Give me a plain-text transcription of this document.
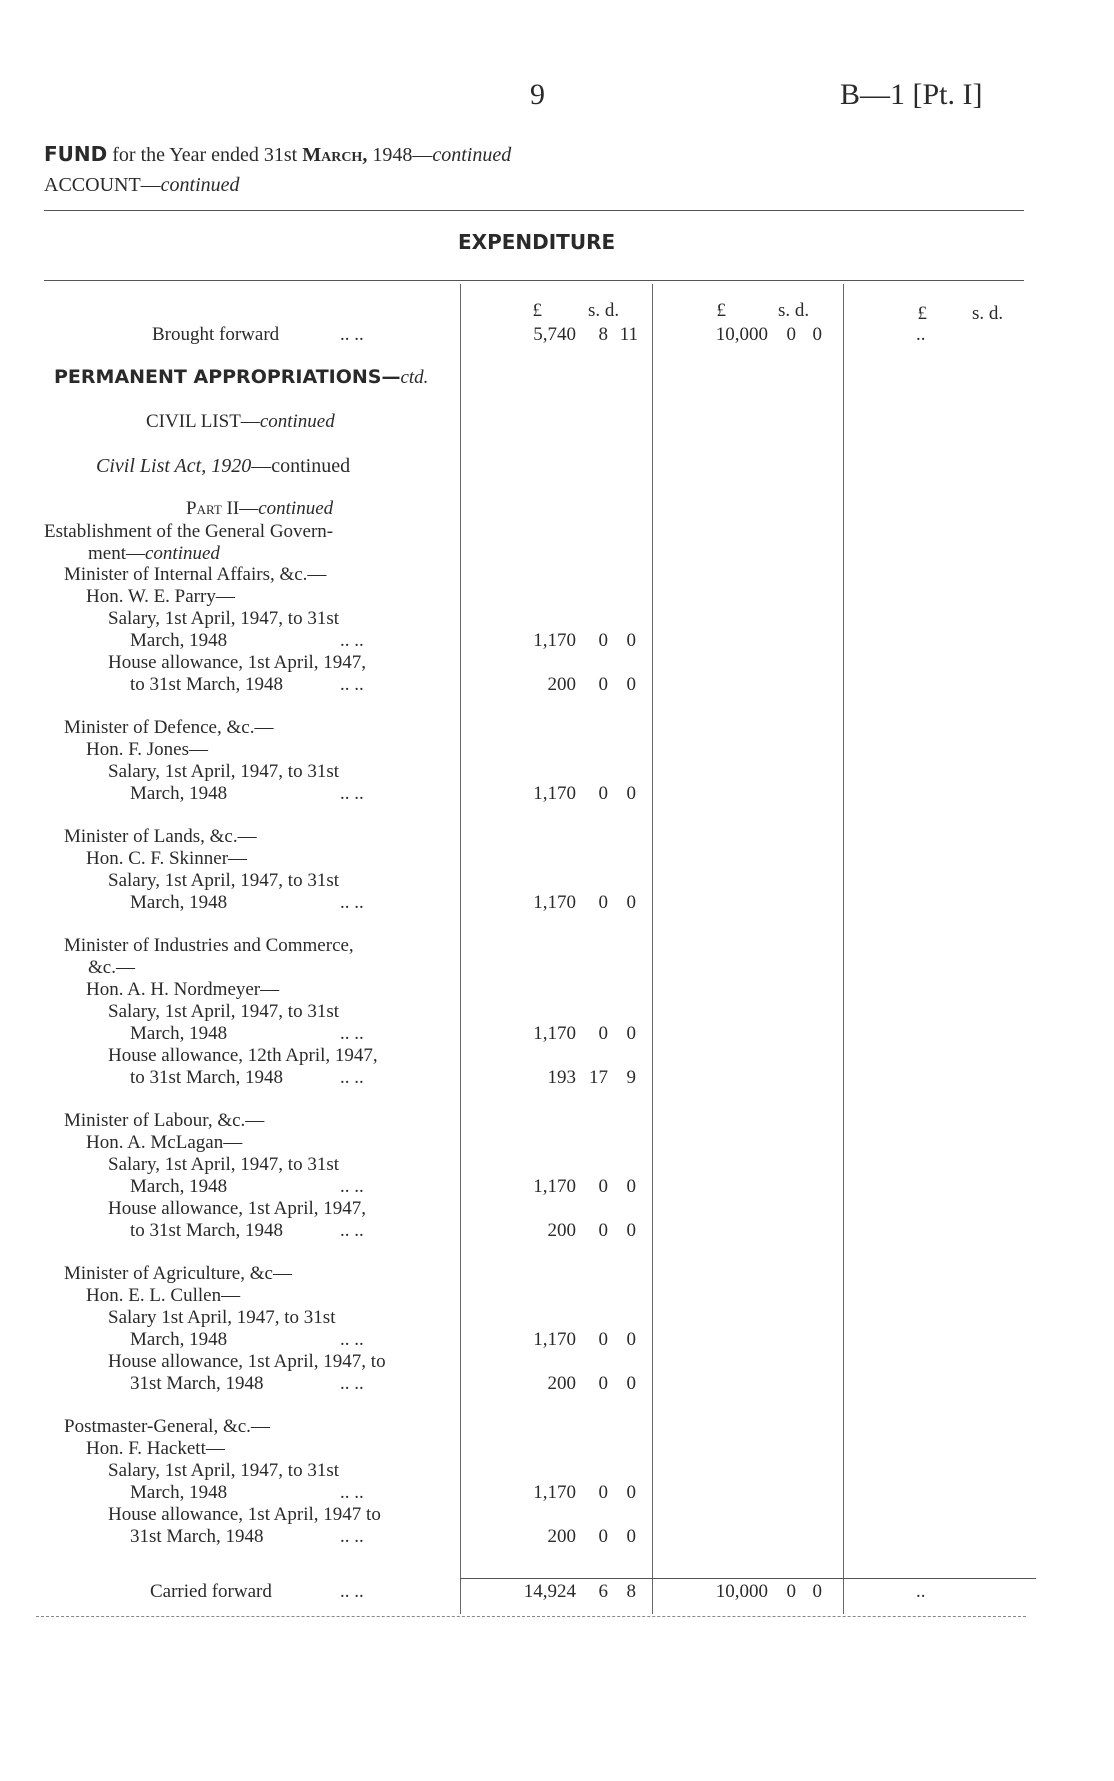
9	B—1 [Pt. I]
FUND for the Year ended 31st March, 1948—continued
ACCOUNT—continued
EXPENDITURE
£ s. d.	£	s. d.	£ s. d.
Brought forward	.. ..	5,740	8 11	10,000 0 0	..
PERMANENT APPROPRIATIONS—ctd.
CIVIL LIST—continued
Civil List Act, 1920—continued
Part II—continued
Establishment of the General Govern-
ment—continued
Minister of Internal Affairs, &c.—
Hon. W. E. Parry—
Salary, 1st April, 1947, to 31st
March, 1948	.. ..	1,170	0 0
House allowance, 1st April, 1947,
to 31st March, 1948	.. ..	200	0 0
Minister of Defence, &c.—
Hon. F. Jones—
Salary, 1st April, 1947, to 31st
March, 1948	.. ..	1,170	0 0
Minister of Lands, &c.—
Hon. C. F. Skinner—
Salary, 1st April, 1947, to 31st
March, 1948	.. ..	1,170	0 0
Minister of Industries and Commerce,
&c.—
Hon. A. H. Nordmeyer—
Salary, 1st April, 1947, to 31st
March, 1948	.. ..	1,170	0 0
House allowance, 12th April, 1947,
to 31st March, 1948	.. ..	193 17 9
Minister of Labour, &c.—
Hon. A. McLagan—
Salary, 1st April, 1947, to 31st
March, 1948	.. ..	1,170	0 0
House allowance, 1st April, 1947,
to 31st March, 1948	.. ..	200	0 0
Minister of Agriculture, &c—
Hon. E. L. Cullen—
Salary 1st April, 1947, to 31st
March, 1948	.. ..	1,170	0 0
House allowance, 1st April, 1947, to
31st March, 1948	.. ..	200	0 0
Postmaster-General, &c.—
Hon. F. Hackett—
Salary, 1st April, 1947, to 31st
March, 1948	.. ..	1,170	0 0
House allowance, 1st April, 1947 to
31st March, 1948	.. ..	200	0 0
Carried forward	.. ..	14,924	6 8	10,000 0 0	..
